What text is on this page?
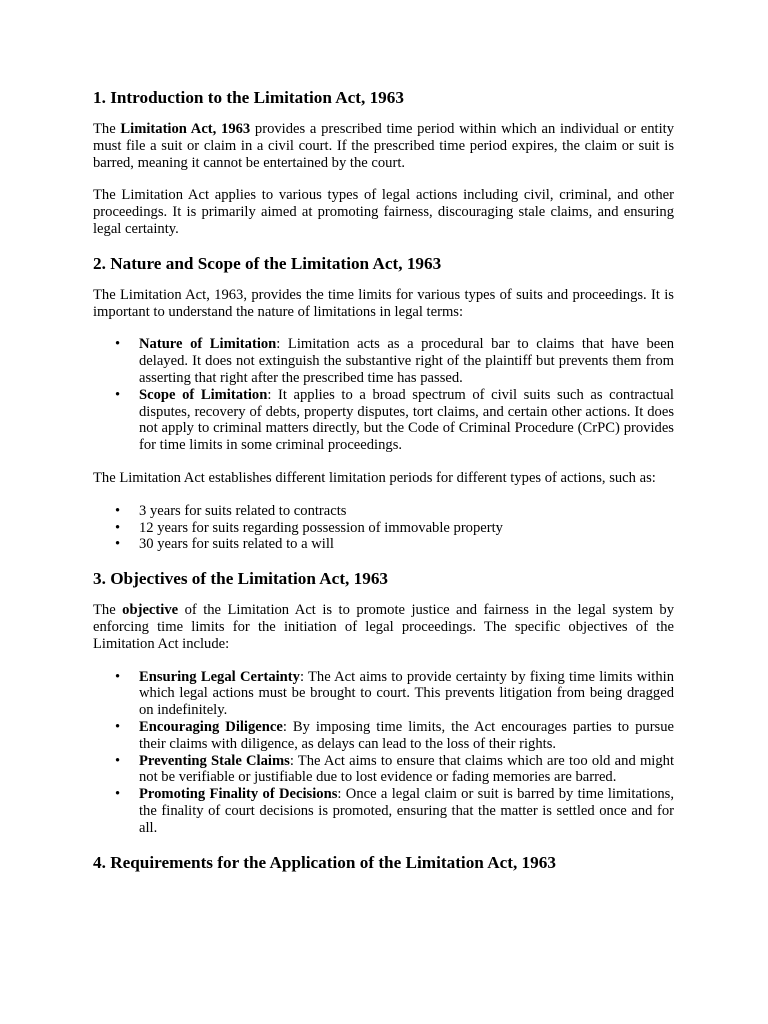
1. Introduction to the Limitation Act, 1963

The Limitation Act, 1963 provides a prescribed time period within which an individual or entity must file a suit or claim in a civil court. If the prescribed time period expires, the claim or suit is barred, meaning it cannot be entertained by the court.

The Limitation Act applies to various types of legal actions including civil, criminal, and other proceedings. It is primarily aimed at promoting fairness, discouraging stale claims, and ensuring legal certainty.

2. Nature and Scope of the Limitation Act, 1963

The Limitation Act, 1963, provides the time limits for various types of suits and proceedings. It is important to understand the nature of limitations in legal terms:

• Nature of Limitation: Limitation acts as a procedural bar to claims that have been delayed. It does not extinguish the substantive right of the plaintiff but prevents them from asserting that right after the prescribed time has passed.
• Scope of Limitation: It applies to a broad spectrum of civil suits such as contractual disputes, recovery of debts, property disputes, tort claims, and certain other actions. It does not apply to criminal matters directly, but the Code of Criminal Procedure (CrPC) provides for time limits in some criminal proceedings.

The Limitation Act establishes different limitation periods for different types of actions, such as:

• 3 years for suits related to contracts
• 12 years for suits regarding possession of immovable property
• 30 years for suits related to a will
3. Objectives of the Limitation Act, 1963

The objective of the Limitation Act is to promote justice and fairness in the legal system by enforcing time limits for the initiation of legal proceedings. The specific objectives of the Limitation Act include:

• Ensuring Legal Certainty: The Act aims to provide certainty by fixing time limits within which legal actions must be brought to court. This prevents litigation from being dragged on indefinitely.
• Encouraging Diligence: By imposing time limits, the Act encourages parties to pursue their claims with diligence, as delays can lead to the loss of their rights.
• Preventing Stale Claims: The Act aims to ensure that claims which are too old and might not be verifiable or justifiable due to lost evidence or fading memories are barred.
• Promoting Finality of Decisions: Once a legal claim or suit is barred by time limitations, the finality of court decisions is promoted, ensuring that the matter is settled once and for all.
4. Requirements for the Application of the Limitation Act, 1963
